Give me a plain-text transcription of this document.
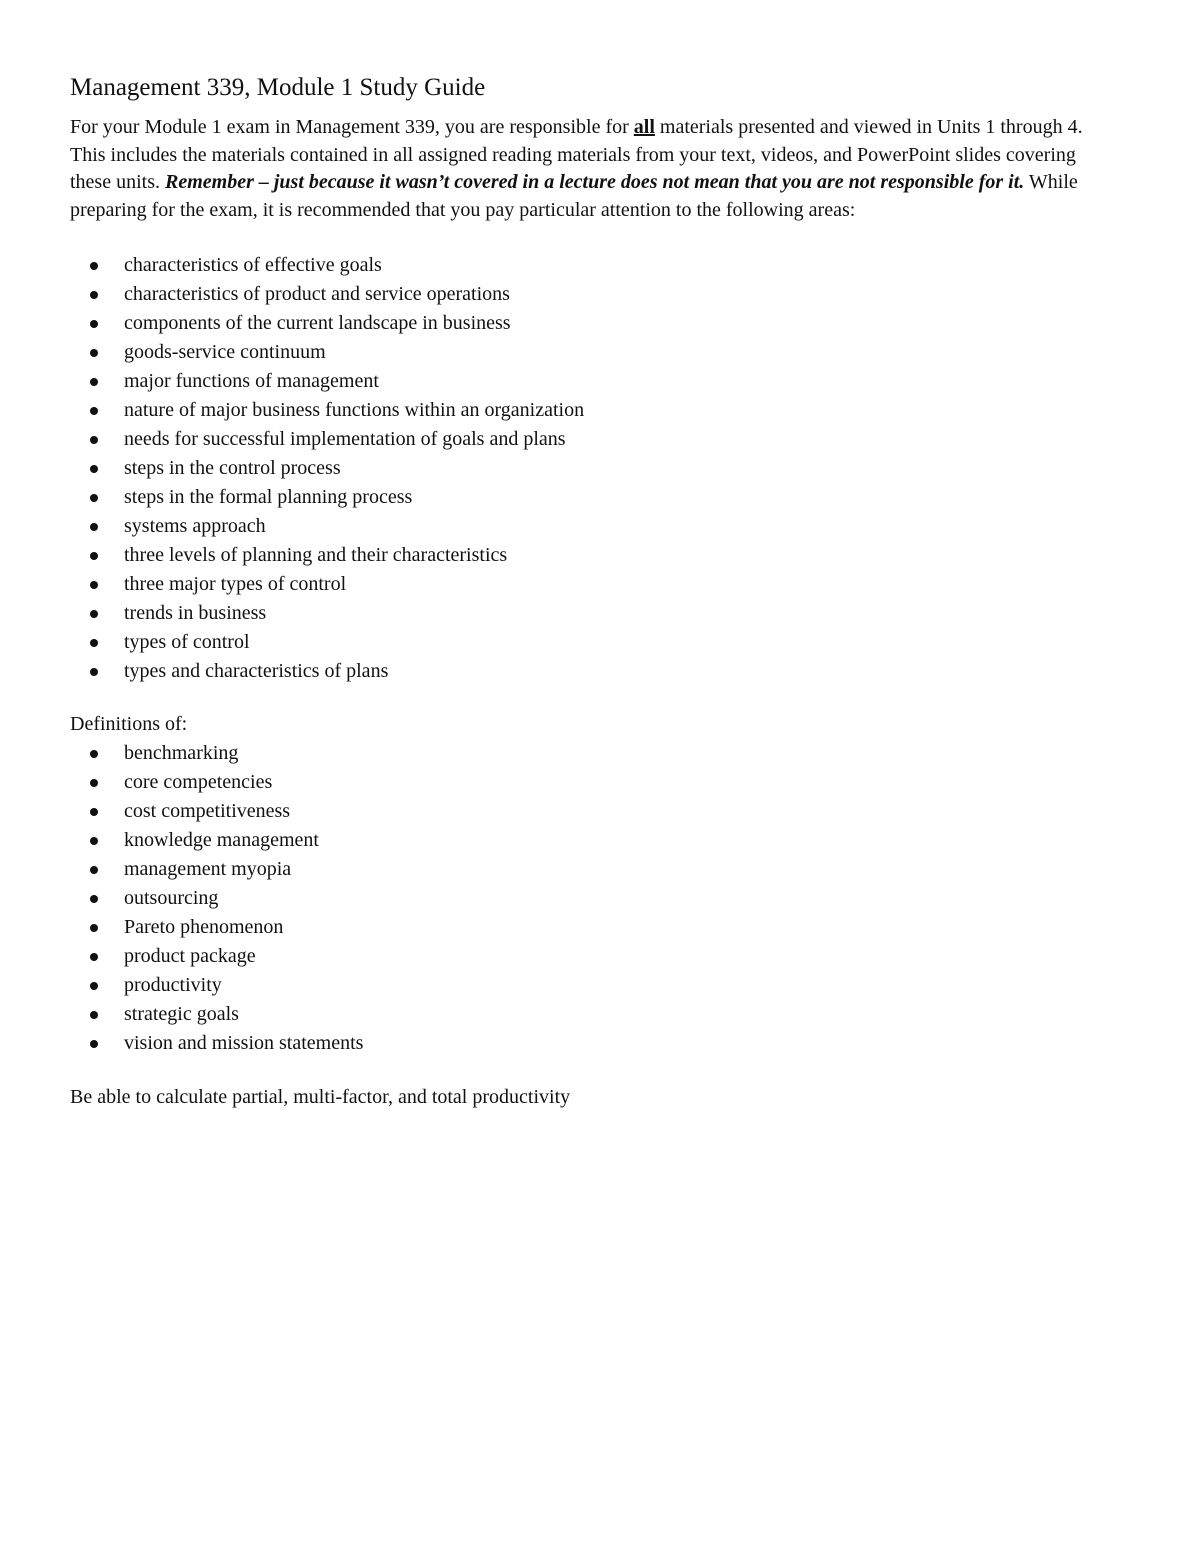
Management 339, Module 1 Study Guide

For your Module 1 exam in Management 339, you are responsible for all materials presented and viewed in Units 1 through 4. This includes the materials contained in all assigned reading materials from your text, videos, and PowerPoint slides covering these units. Remember – just because it wasn’t covered in a lecture does not mean that you are not responsible for it. While preparing for the exam, it is recommended that you pay particular attention to the following areas:

characteristics of effective goals
characteristics of product and service operations
components of the current landscape in business
goods-service continuum
major functions of management
nature of major business functions within an organization
needs for successful implementation of goals and plans
steps in the control process
steps in the formal planning process
systems approach
three levels of planning and their characteristics
three major types of control
trends in business
types of control
types and characteristics of plans

Definitions of:

benchmarking
core competencies
cost competitiveness
knowledge management
management myopia
outsourcing
Pareto phenomenon
product package
productivity
strategic goals
vision and mission statements

Be able to calculate partial, multi-factor, and total productivity
